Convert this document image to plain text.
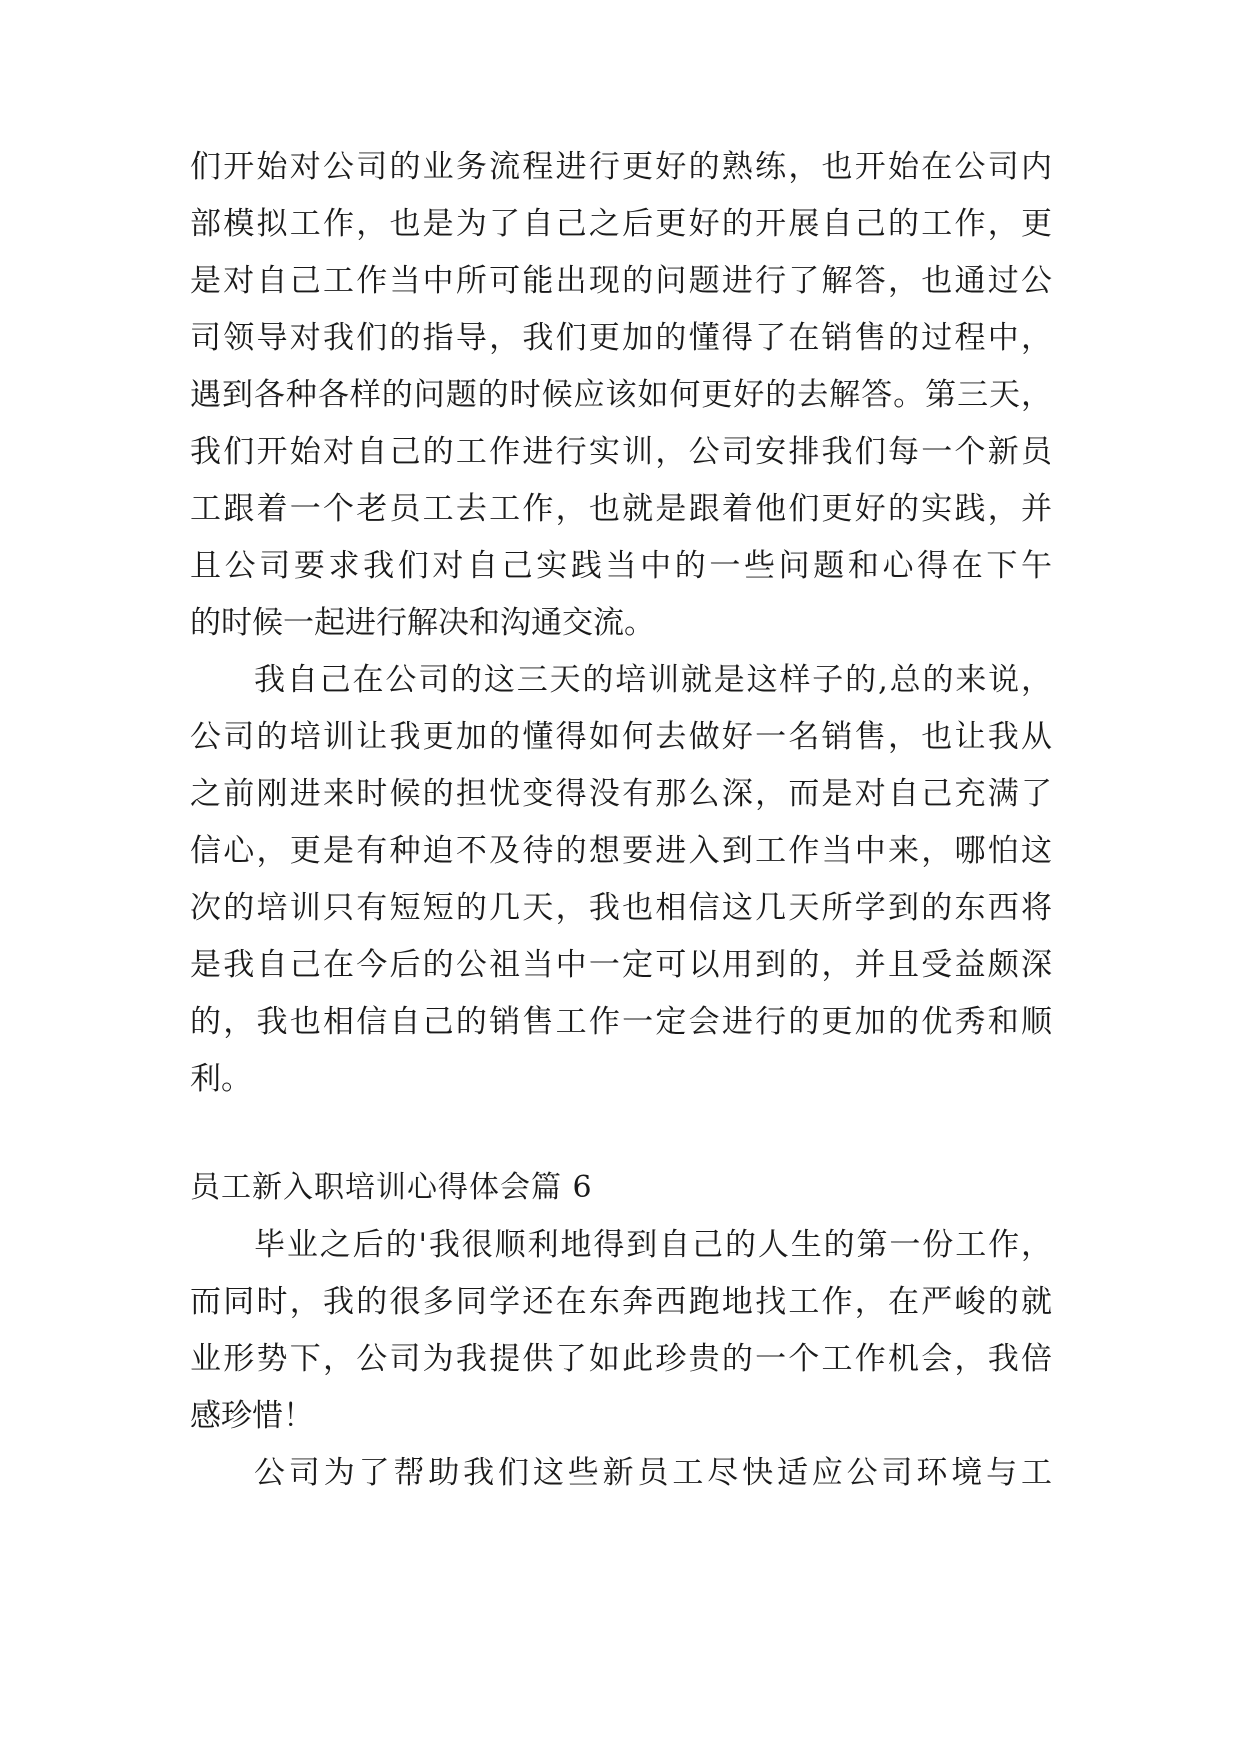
们开始对公司的业务流程进行更好的熟练，也开始在公司内
部模拟工作，也是为了自己之后更好的开展自己的工作，更
是对自己工作当中所可能出现的问题进行了解答，也通过公
司领导对我们的指导，我们更加的懂得了在销售的过程中，
遇到各种各样的问题的时候应该如何更好的去解答。第三天，
我们开始对自己的工作进行实训，公司安排我们每一个新员
工跟着一个老员工去工作，也就是跟着他们更好的实践，并
且公司要求我们对自己实践当中的一些问题和心得在下午
的时候一起进行解决和沟通交流。
我自己在公司的这三天的培训就是这样子的,总的来说，
公司的培训让我更加的懂得如何去做好一名销售，也让我从
之前刚进来时候的担忧变得没有那么深，而是对自己充满了
信心，更是有种迫不及待的想要进入到工作当中来，哪怕这
次的培训只有短短的几天，我也相信这几天所学到的东西将
是我自己在今后的公祖当中一定可以用到的，并且受益颇深
的，我也相信自己的销售工作一定会进行的更加的优秀和顺
利。
员工新入职培训心得体会篇 6
毕业之后的'我很顺利地得到自己的人生的第一份工作，
而同时，我的很多同学还在东奔西跑地找工作，在严峻的就
业形势下，公司为我提供了如此珍贵的一个工作机会，我倍
感珍惜！
公司为了帮助我们这些新员工尽快适应公司环境与工
